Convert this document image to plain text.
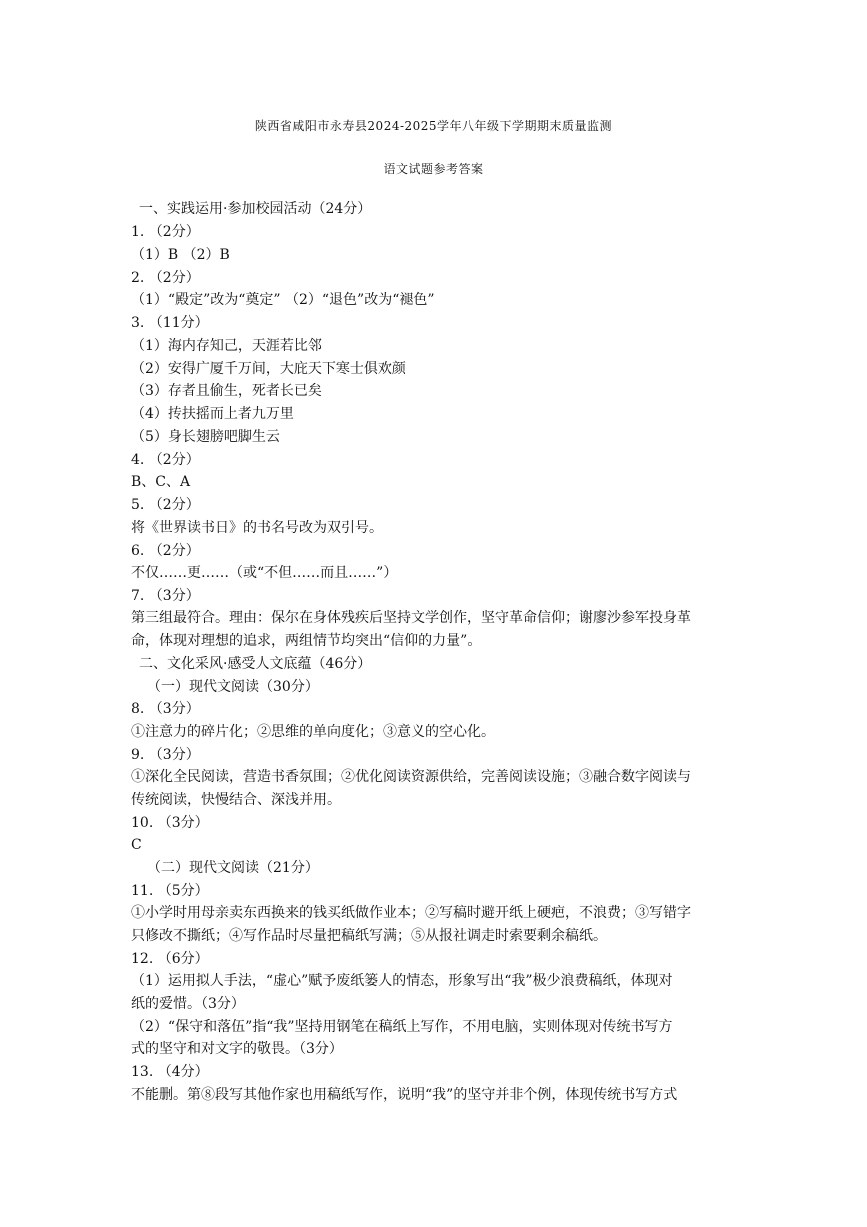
陕西省咸阳市永寿县2024-2025学年八年级下学期期末质量监测
语文试题参考答案
一、实践运用·参加校园活动（24分）
1. （2分）
（1）B （2）B
2. （2分）
（1）“殿定”改为“奠定” （2）“退色”改为“褪色”
3. （11分）
（1）海内存知己，天涯若比邻
（2）安得广厦千万间，大庇天下寒士俱欢颜
（3）存者且偷生，死者长已矣
（4）抟扶摇而上者九万里
（5）身长翅膀吧脚生云
4. （2分）
B、C、A
5. （2分）
将《世界读书日》的书名号改为双引号。
6. （2分）
不仅……更……（或“不但……而且……”）
7. （3分）
第三组最符合。理由：保尔在身体残疾后坚持文学创作，坚守革命信仰；谢廖沙参军投身革
命，体现对理想的追求，两组情节均突出“信仰的力量”。
二、文化采风·感受人文底蕴（46分）
（一）现代文阅读（30分）
8. （3分）
①注意力的碎片化；②思维的单向度化；③意义的空心化。
9. （3分）
①深化全民阅读，营造书香氛围；②优化阅读资源供给，完善阅读设施；③融合数字阅读与
传统阅读，快慢结合、深浅并用。
10. （3分）
C
（二）现代文阅读（21分）
11. （5分）
①小学时用母亲卖东西换来的钱买纸做作业本；②写稿时避开纸上硬疤，不浪费；③写错字
只修改不撕纸；④写作品时尽量把稿纸写满；⑤从报社调走时索要剩余稿纸。
12. （6分）
（1）运用拟人手法，“虚心”赋予废纸篓人的情态，形象写出“我”极少浪费稿纸，体现对
纸的爱惜。（3分）
（2）“保守和落伍”指“我”坚持用钢笔在稿纸上写作，不用电脑，实则体现对传统书写方
式的坚守和对文字的敬畏。（3分）
13. （4分）
不能删。第⑧段写其他作家也用稿纸写作，说明“我”的坚守并非个例，体现传统书写方式
